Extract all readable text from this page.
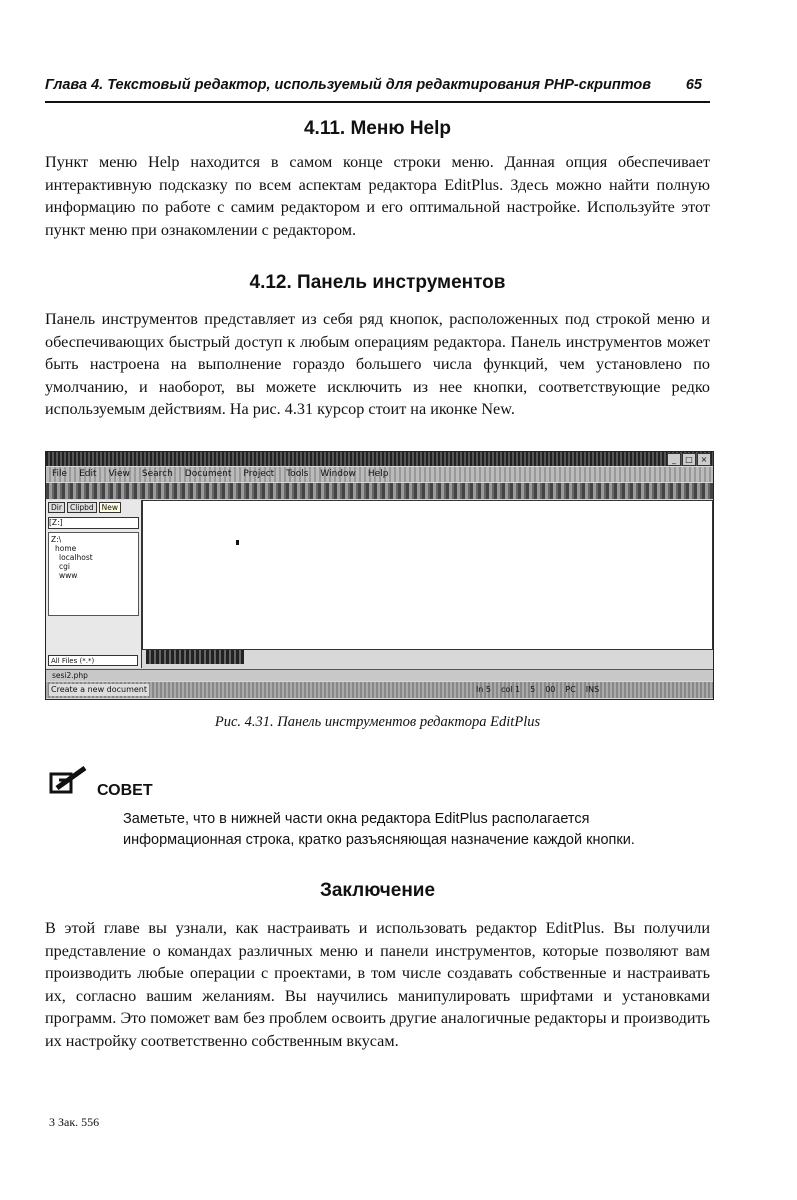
Глава 4. Текстовый редактор, используемый для редактирования PHP-скриптов 65
4.11. Меню Help

Пункт меню Help находится в самом конце строки меню. Данная опция обеспечивает интерактивную подсказку по всем аспектам редактора EditPlus. Здесь можно найти полную информацию по работе с самим редактором и его оптимальной настройке. Используйте этот пункт меню при ознакомлении с редактором.

4.12. Панель инструментов

Панель инструментов представляет из себя ряд кнопок, расположенных под строкой меню и обеспечивающих быстрый доступ к любым операциям редактора. Панель инструментов может быть настроена на выполнение гораздо большего числа функций, чем установлено по умолчанию, и наоборот, вы можете исключить из нее кнопки, соответствующие редко используемым действиям. На рис. 4.31 курсор стоит на иконке New.

_	□ ×
File Edit View Search Document Project Tools Window Help
Dir	Clipbd	New
[Z:]
Z:\
home
localhost
cgi
www
All Files (*.*)
sesi2.php
Create a new document	ln 5 col 1 5 00 PC INS
Рис. 4.31. Панель инструментов редактора EditPlus
СОВЕТ

Заметьте, что в нижней части окна редактора EditPlus располагается информационная строка, кратко разъясняющая назначение каждой кнопки.

Заключение

В этой главе вы узнали, как настраивать и использовать редактор EditPlus. Вы получили представление о командах различных меню и панели инструментов, которые позволяют вам производить любые операции с проектами, в том числе создавать собственные и настраивать их, согласно вашим желаниям. Вы научились манипулировать шрифтами и установками программ. Это поможет вам без проблем освоить другие аналогичные редакторы и производить их настройку соответственно собственным вкусам.

3 Зак. 556
